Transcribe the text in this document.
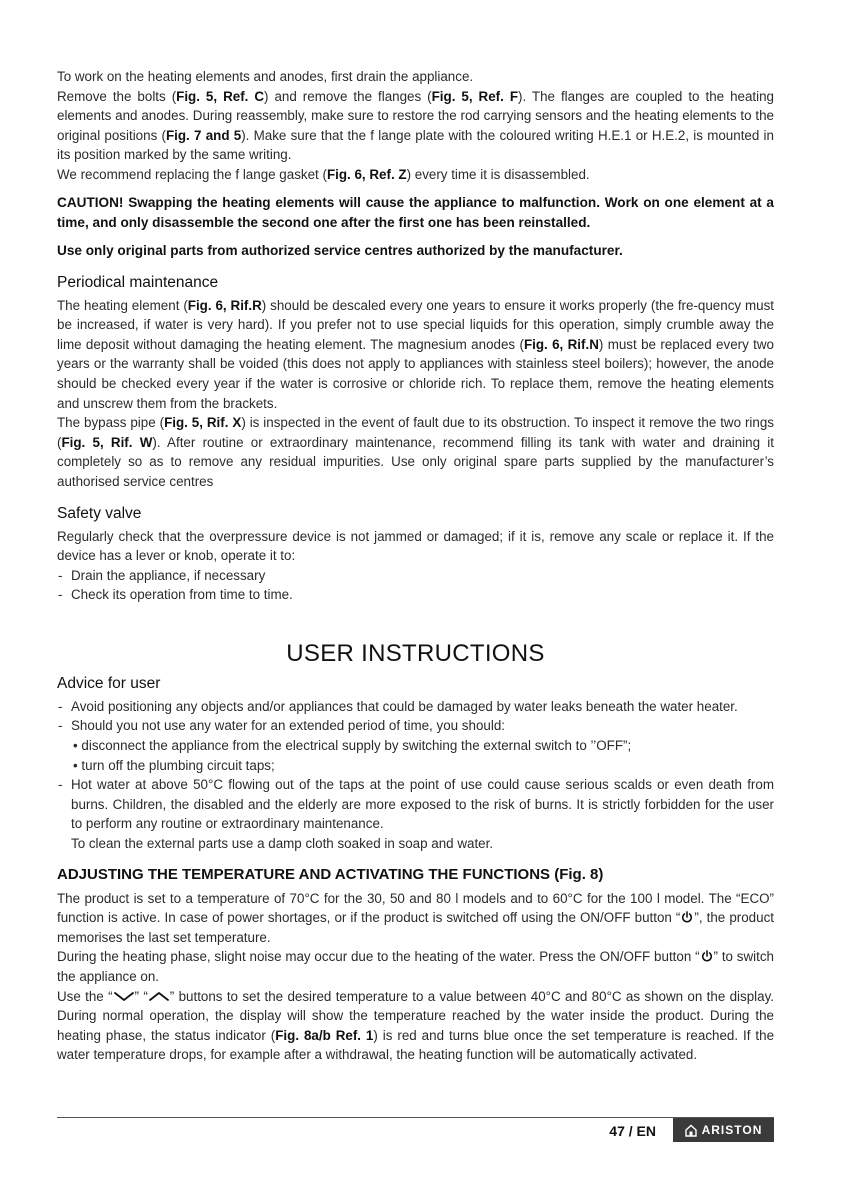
To work on the heating elements and anodes, first drain the appliance.

Remove the bolts (Fig. 5, Ref. C) and remove the flanges (Fig. 5, Ref. F). The flanges are coupled to the heating elements and anodes. During reassembly, make sure to restore the rod carrying sensors and the heating elements to the original positions (Fig. 7 and 5). Make sure that the f lange plate with the coloured writing H.E.1 or H.E.2, is mounted in its position marked by the same writing.

We recommend replacing the f lange gasket (Fig. 6, Ref. Z) every time it is disassembled.

CAUTION! Swapping the heating elements will cause the appliance to malfunction. Work on one element at a time, and only disassemble the second one after the first one has been reinstalled.

Use only original parts from authorized service centres authorized by the manufacturer.

Periodical maintenance

The heating element (Fig. 6, Rif.R) should be descaled every one years to ensure it works properly (the fre-quency must be increased, if water is very hard). If you prefer not to use special liquids for this operation, simply crumble away the lime deposit without damaging the heating element. The magnesium anodes (Fig. 6, Rif.N) must be replaced every two years or the warranty shall be voided (this does not apply to appliances with stainless steel boilers); however, the anode should be checked every year if the water is corrosive or chloride rich. To replace them, remove the heating elements and unscrew them from the brackets.

The bypass pipe (Fig. 5, Rif. X) is inspected in the event of fault due to its obstruction. To inspect it remove the two rings (Fig. 5, Rif. W). After routine or extraordinary maintenance, recommend filling its tank with water and draining it completely so as to remove any residual impurities. Use only original spare parts supplied by the manufacturer’s authorised service centres

Safety valve

Regularly check that the overpressure device is not jammed or damaged; if it is, remove any scale or replace it. If the device has a lever or knob, operate it to:

- Drain the appliance, if necessary
- Check its operation from time to time.
USER INSTRUCTIONS
Advice for user
- Avoid positioning any objects and/or appliances that could be damaged by water leaks beneath the water heater.
- Should you not use any water for an extended period of time, you should:
• disconnect the appliance from the electrical supply by switching the external switch to ’’OFF”;
• turn off the plumbing circuit taps;
- Hot water at above 50°C flowing out of the taps at the point of use could cause serious scalds or even death from burns. Children, the disabled and the elderly are more exposed to the risk of burns. It is strictly forbidden for the user to perform any routine or extraordinary maintenance.
To clean the external parts use a damp cloth soaked in soap and water.
ADJUSTING THE TEMPERATURE AND ACTIVATING THE FUNCTIONS (Fig. 8)

The product is set to a temperature of 70°C for the 30, 50 and 80 l models and to 60°C for the 100 l model. The “ECO” function is active. In case of power shortages, or if the product is switched off using the ON/OFF button “ ”, the product memorises the last set temperature.

During the heating phase, slight noise may occur due to the heating of the water. Press the ON/OFF button “ ” to switch the appliance on.

Use the “ ” “ ” buttons to set the desired temperature to a value between 40°C and 80°C as shown on the display. During normal operation, the display will show the temperature reached by the water inside the product. During the heating phase, the status indicator (Fig. 8a/b Ref. 1) is red and turns blue once the set temperature is reached. If the water temperature drops, for example after a withdrawal, the heating function will be automatically activated.

47 / EN	ARISTON
